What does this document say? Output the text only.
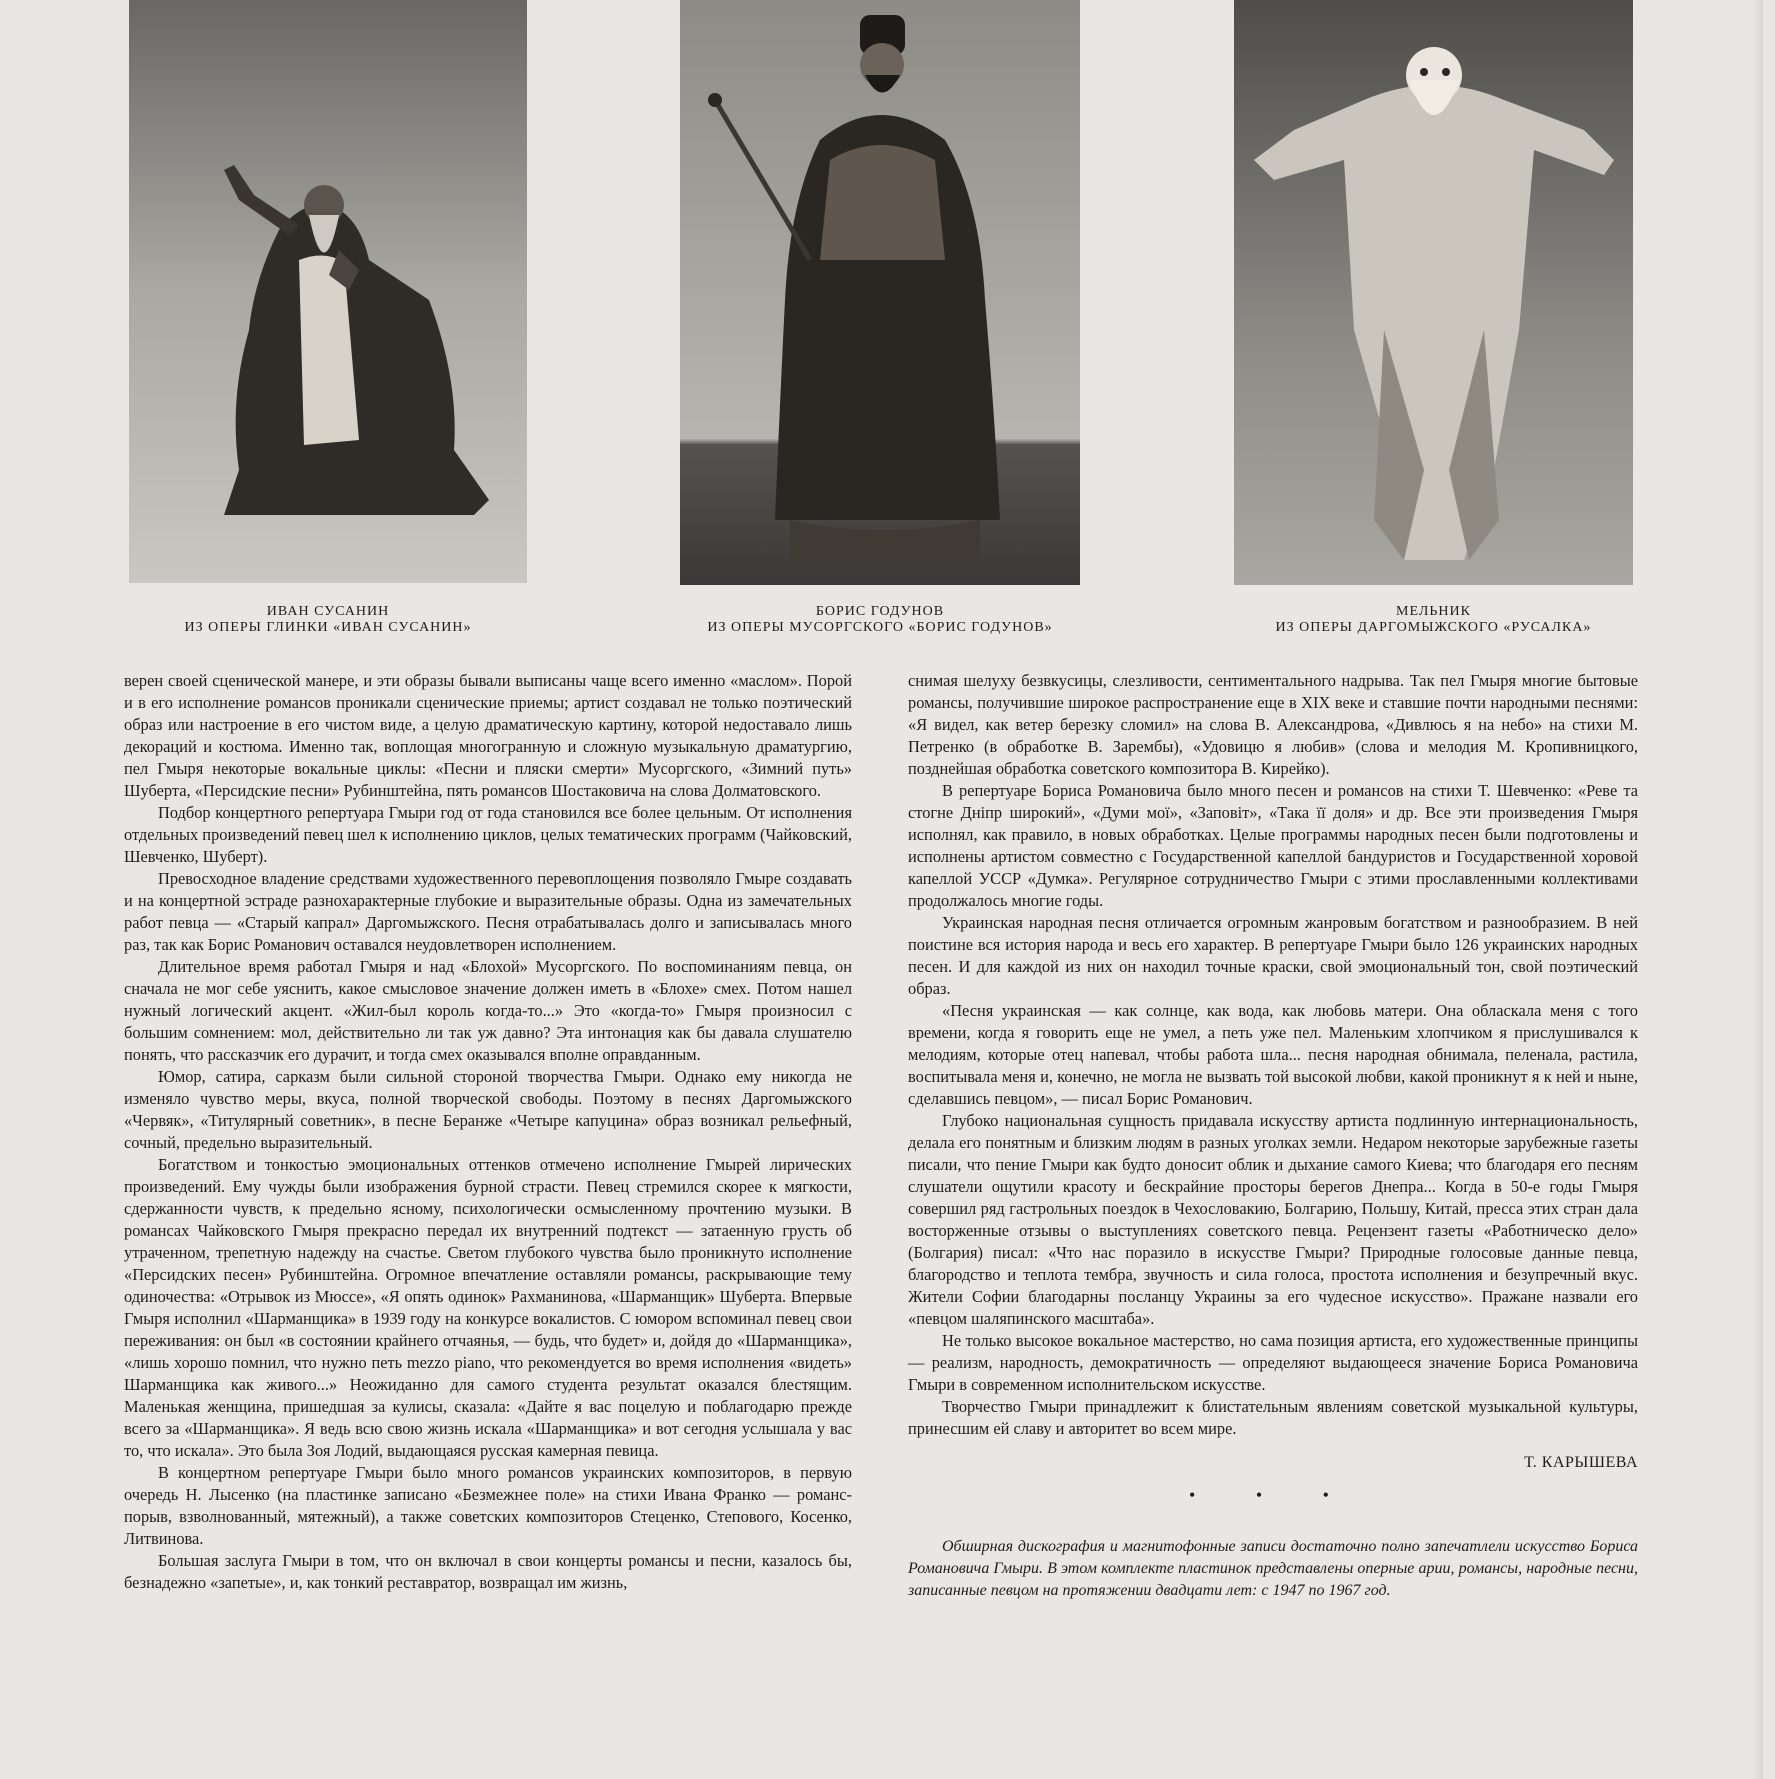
ИВАН СУСАНИН
ИЗ ОПЕРЫ ГЛИНКИ «ИВАН СУСАНИН»
БОРИС ГОДУНОВ
ИЗ ОПЕРЫ МУСОРГСКОГО «БОРИС ГОДУНОВ»
МЕЛЬНИК
ИЗ ОПЕРЫ ДАРГОМЫЖСКОГО «РУСАЛКА»

верен своей сценической манере, и эти образы бывали выписаны чаще всего именно «маслом». Порой и в его исполнение романсов проникали сценические приемы; артист создавал не только поэтический образ или настроение в его чистом виде, а целую драматическую картину, которой недоставало лишь декораций и костюма. Именно так, воплощая многогранную и сложную музыкальную драматургию, пел Гмыря некоторые вокальные циклы: «Песни и пляски смерти» Мусоргского, «Зимний путь» Шуберта, «Персидские песни» Рубинштейна, пять романсов Шостаковича на слова Долматовского.

Подбор концертного репертуара Гмыри год от года становился все более цельным. От исполнения отдельных произведений певец шел к исполнению циклов, целых тематических программ (Чайковский, Шевченко, Шуберт).

Превосходное владение средствами художественного перевоплощения позволяло Гмыре создавать и на концертной эстраде разнохарактерные глубокие и выразительные образы. Одна из замечательных работ певца — «Старый капрал» Даргомыжского. Песня отрабатывалась долго и записывалась много раз, так как Борис Романович оставался неудовлетворен исполнением.

Длительное время работал Гмыря и над «Блохой» Мусоргского. По воспоминаниям певца, он сначала не мог себе уяснить, какое смысловое значение должен иметь в «Блохе» смех. Потом нашел нужный логический акцент. «Жил-был король когда-то...» Это «когда-то» Гмыря произносил с большим сомнением: мол, действительно ли так уж давно? Эта интонация как бы давала слушателю понять, что рассказчик его дурачит, и тогда смех оказывался вполне оправданным.

Юмор, сатира, сарказм были сильной стороной творчества Гмыри. Однако ему никогда не изменяло чувство меры, вкуса, полной творческой свободы. Поэтому в песнях Даргомыжского «Червяк», «Титулярный советник», в песне Беранже «Четыре капуцина» образ возникал рельефный, сочный, предельно выразительный.

Богатством и тонкостью эмоциональных оттенков отмечено исполнение Гмырей лирических произведений. Ему чужды были изображения бурной страсти. Певец стремился скорее к мягкости, сдержанности чувств, к предельно ясному, психологически осмысленному прочтению музыки. В романсах Чайковского Гмыря прекрасно передал их внутренний подтекст — затаенную грусть об утраченном, трепетную надежду на счастье. Светом глубокого чувства было проникнуто исполнение «Персидских песен» Рубинштейна. Огромное впечатление оставляли романсы, раскрывающие тему одиночества: «Отрывок из Мюссе», «Я опять одинок» Рахманинова, «Шарманщик» Шуберта. Впервые Гмыря исполнил «Шарманщика» в 1939 году на конкурсе вокалистов. С юмором вспоминал певец свои переживания: он был «в состоянии крайнего отчаянья, — будь, что будет» и, дойдя до «Шарманщика», «лишь хорошо помнил, что нужно петь mezzo piano, что рекомендуется во время исполнения «видеть» Шарманщика как живого...» Неожиданно для самого студента результат оказался блестящим. Маленькая женщина, пришедшая за кулисы, сказала: «Дайте я вас поцелую и поблагодарю прежде всего за «Шарманщика». Я ведь всю свою жизнь искала «Шарманщика» и вот сегодня услышала у вас то, что искала». Это была Зоя Лодий, выдающаяся русская камерная певица.

В концертном репертуаре Гмыри было много романсов украинских композиторов, в первую очередь Н. Лысенко (на пластинке записано «Безмежнее поле» на стихи Ивана Франко — романс-порыв, взволнованный, мятежный), а также советских композиторов Стеценко, Степового, Косенко, Литвинова.

Большая заслуга Гмыри в том, что он включал в свои концерты романсы и песни, казалось бы, безнадежно «запетые», и, как тонкий реставратор, возвращал им жизнь,

снимая шелуху безвкусицы, слезливости, сентиментального надрыва. Так пел Гмыря многие бытовые романсы, получившие широкое распространение еще в XIX веке и ставшие почти народными песнями: «Я видел, как ветер березку сломил» на слова В. Александрова, «Дивлюсь я на небо» на стихи М. Петренко (в обработке В. Зарембы), «Удовицю я любив» (слова и мелодия М. Кропивницкого, позднейшая обработка советского композитора В. Кирейко).

В репертуаре Бориса Романовича было много песен и романсов на стихи Т. Шевченко: «Реве та стогне Дніпр широкий», «Думи мої», «Заповіт», «Така її доля» и др. Все эти произведения Гмыря исполнял, как правило, в новых обработках. Целые программы народных песен были подготовлены и исполнены артистом совместно с Государственной капеллой бандуристов и Государственной хоровой капеллой УССР «Думка». Регулярное сотрудничество Гмыри с этими прославленными коллективами продолжалось многие годы.

Украинская народная песня отличается огромным жанровым богатством и разнообразием. В ней поистине вся история народа и весь его характер. В репертуаре Гмыри было 126 украинских народных песен. И для каждой из них он находил точные краски, свой эмоциональный тон, свой поэтический образ.

«Песня украинская — как солнце, как вода, как любовь матери. Она обласкала меня с того времени, когда я говорить еще не умел, а петь уже пел. Маленьким хлопчиком я прислушивался к мелодиям, которые отец напевал, чтобы работа шла... песня народная обнимала, пеленала, растила, воспитывала меня и, конечно, не могла не вызвать той высокой любви, какой проникнут я к ней и ныне, сделавшись певцом», — писал Борис Романович.

Глубоко национальная сущность придавала искусству артиста подлинную интернациональность, делала его понятным и близким людям в разных уголках земли. Недаром некоторые зарубежные газеты писали, что пение Гмыри как будто доносит облик и дыхание самого Киева; что благодаря его песням слушатели ощутили красоту и бескрайние просторы берегов Днепра... Когда в 50-е годы Гмыря совершил ряд гастрольных поездок в Чехословакию, Болгарию, Польшу, Китай, пресса этих стран дала восторженные отзывы о выступлениях советского певца. Рецензент газеты «Работническо дело» (Болгария) писал: «Что нас поразило в искусстве Гмыри? Природные голосовые данные певца, благородство и теплота тембра, звучность и сила голоса, простота исполнения и безупречный вкус. Жители Софии благодарны посланцу Украины за его чудесное искусство». Пражане назвали его «певцом шаляпинского масштаба».

Не только высокое вокальное мастерство, но сама позиция артиста, его художественные принципы — реализм, народность, демократичность — определяют выдающееся значение Бориса Романовича Гмыри в современном исполнительском искусстве.

Творчество Гмыри принадлежит к блистательным явлениям советской музыкальной культуры, принесшим ей славу и авторитет во всем мире.

Т. КАРЫШЕВА
• • •
Обширная дискография и магнитофонные записи достаточно полно запечатлели искусство Бориса Романовича Гмыри. В этом комплекте пластинок представлены оперные арии, романсы, народные песни, записанные певцом на протяжении двадцати лет: с 1947 по 1967 год.
